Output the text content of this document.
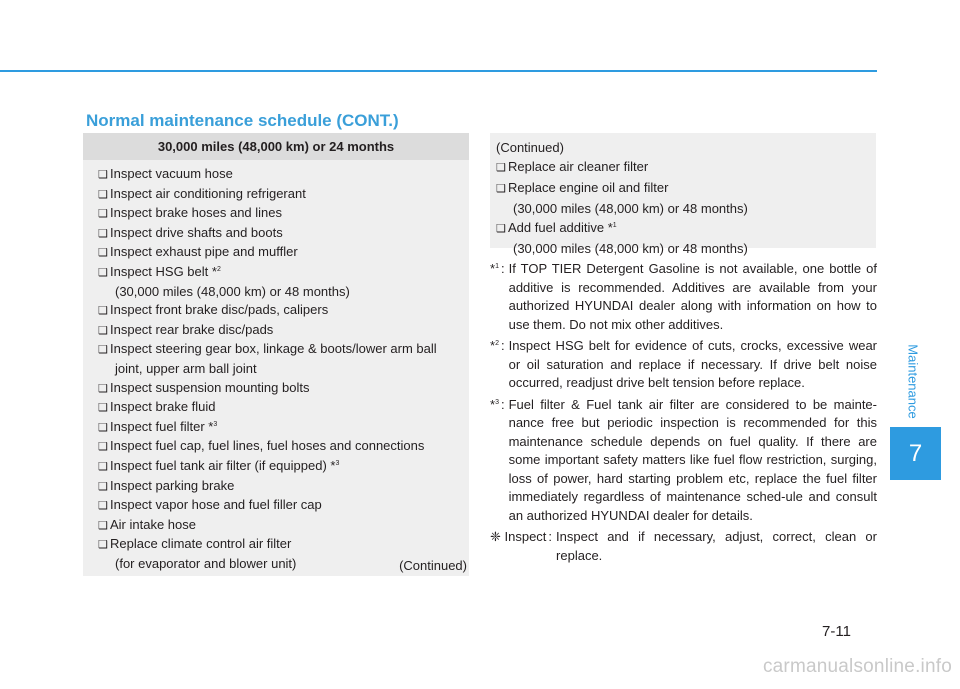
Normal maintenance schedule (CONT.)
30,000 miles (48,000 km) or 24 months
❑ Inspect vacuum hose
❑ Inspect air conditioning refrigerant
❑ Inspect brake hoses and lines
❑ Inspect drive shafts and boots
❑ Inspect exhaust pipe and muffler
❑ Inspect HSG belt *$^2$
(30,000 miles (48,000 km) or 48 months)
❑ Inspect front brake disc/pads, calipers
❑ Inspect rear brake disc/pads
❑ Inspect steering gear box, linkage & boots/lower arm ball
joint, upper arm ball joint
❑ Inspect suspension mounting bolts
❑ Inspect brake fluid
❑ Inspect fuel filter *$^3$
❑ Inspect fuel cap, fuel lines, fuel hoses and connections
❑ Inspect fuel tank air filter (if equipped) *$^3$
❑ Inspect parking brake
❑ Inspect vapor hose and fuel filler cap
❑ Air intake hose
❑ Replace climate control air filter
(for evaporator and blower unit)	(Continued)
(Continued)
❑ Replace air cleaner filter
❑ Replace engine oil and filter
(30,000 miles (48,000 km) or 48 months)
❑ Add fuel additive *$^1$
(30,000 miles (48,000 km) or 48 months)
*$^1$ : If TOP TIER Detergent Gasoline is not available, one bottle of additive is recommended. Additives are available from your authorized HYUNDAI dealer along with information on how to use them. Do not mix other additives.
*$^2$ : Inspect HSG belt for evidence of cuts, crocks, excessive wear or oil saturation and replace if necessary. If drive belt noise occurred, readjust drive belt tension before replace.
*$^3$ : Fuel filter & Fuel tank air filter are considered to be mainte-nance free but periodic inspection is recommended for this maintenance schedule depends on fuel quality. If there are some important safety matters like fuel flow restriction, surging, loss of power, hard starting problem etc, replace the fuel filter immediately regardless of maintenance sched-ule and consult an authorized HYUNDAI dealer for details.
❈ Inspect : Inspect and if necessary, adjust, correct, clean or replace.
Maintenance
7
7-11
carmanualsonline.info
